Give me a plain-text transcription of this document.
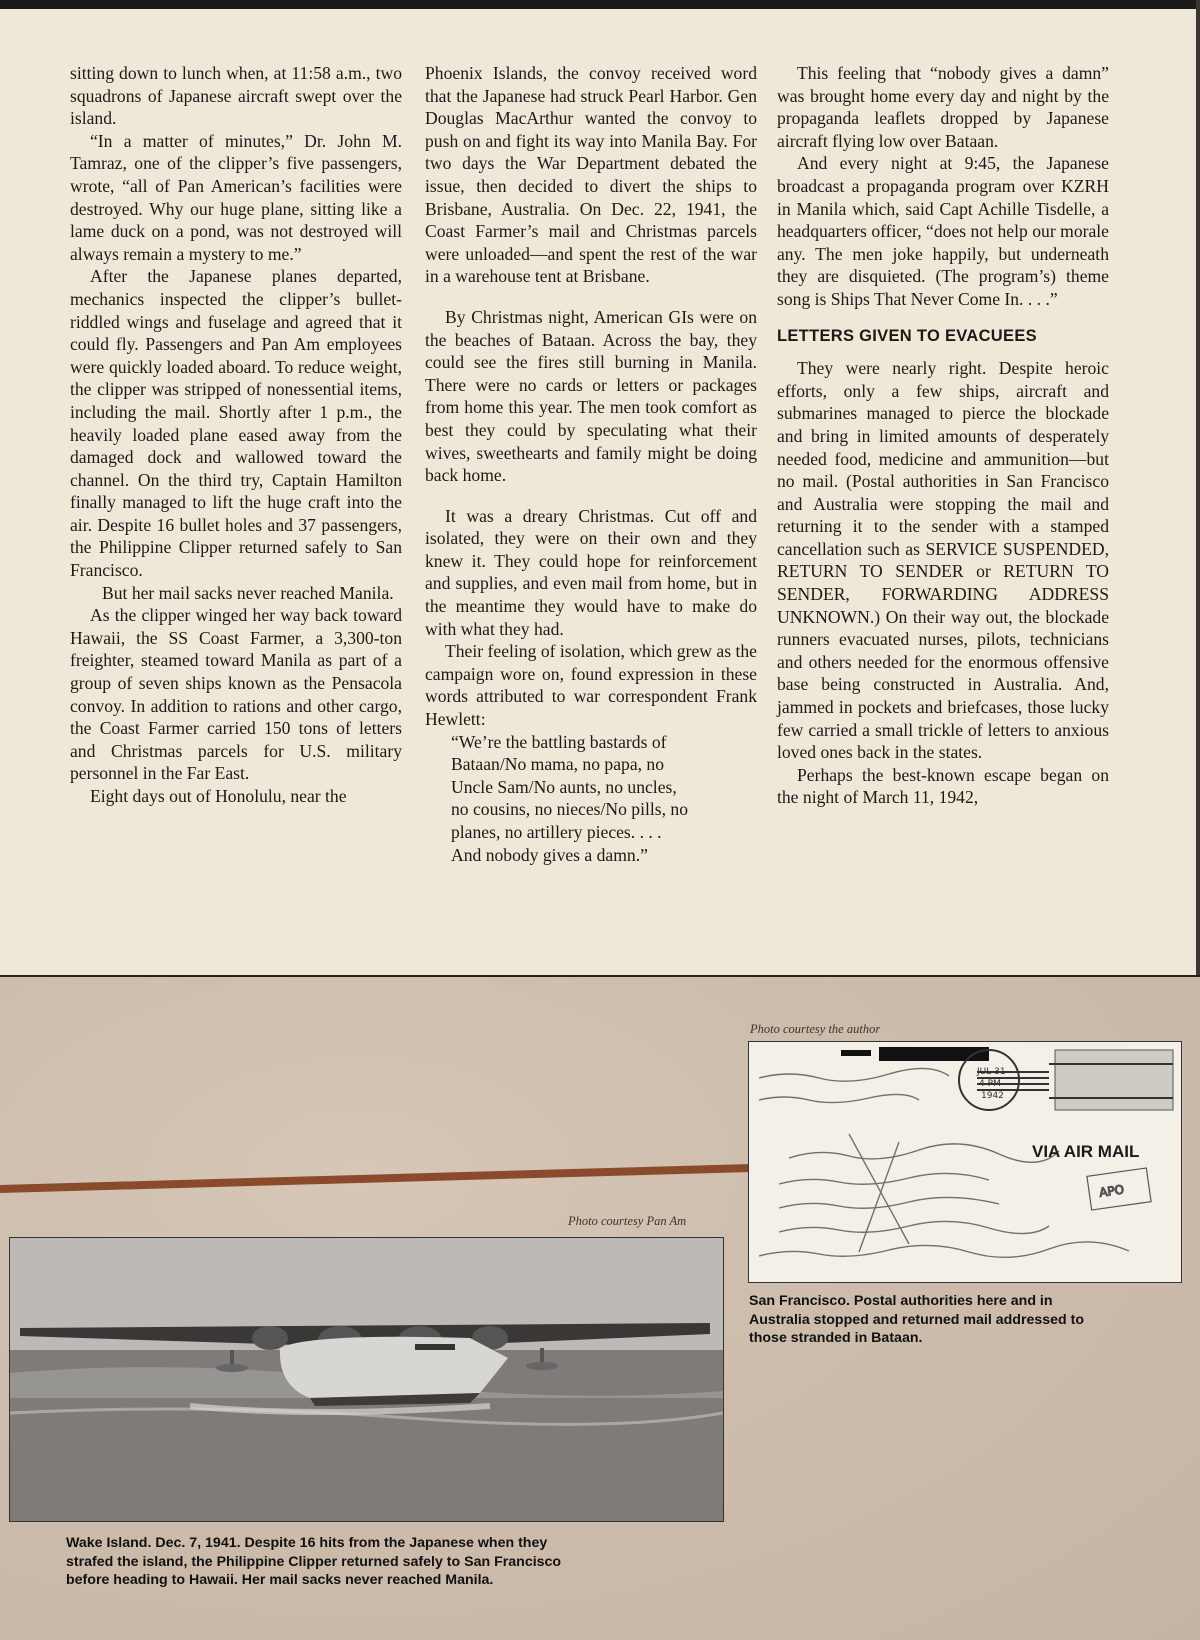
sitting down to lunch when, at 11:58 a.m., two squadrons of Japanese aircraft swept over the island.

“In a matter of minutes,” Dr. John M. Tamraz, one of the clipper’s five passengers, wrote, “all of Pan American’s facilities were destroyed. Why our huge plane, sitting like a lame duck on a pond, was not destroyed will always remain a mystery to me.”

After the Japanese planes departed, mechanics inspected the clipper’s bullet-riddled wings and fuselage and agreed that it could fly. Passengers and Pan Am employees were quickly loaded aboard. To reduce weight, the clipper was stripped of nonessential items, including the mail. Shortly after 1 p.m., the heavily loaded plane eased away from the damaged dock and wallowed toward the channel. On the third try, Captain Hamilton finally managed to lift the huge craft into the air. Despite 16 bullet holes and 37 passengers, the Philippine Clipper returned safely to San Francisco.

But her mail sacks never reached Manila.

As the clipper winged her way back toward Hawaii, the SS Coast Farmer, a 3,300-ton freighter, steamed toward Manila as part of a group of seven ships known as the Pensacola convoy. In addition to rations and other cargo, the Coast Farmer carried 150 tons of letters and Christmas parcels for U.S. military personnel in the Far East.

Eight days out of Honolulu, near the

Phoenix Islands, the convoy received word that the Japanese had struck Pearl Harbor. Gen Douglas MacArthur wanted the convoy to push on and fight its way into Manila Bay. For two days the War Department debated the issue, then decided to divert the ships to Brisbane, Australia. On Dec. 22, 1941, the Coast Farmer’s mail and Christmas parcels were unloaded—and spent the rest of the war in a warehouse tent at Brisbane.

By Christmas night, American GIs were on the beaches of Bataan. Across the bay, they could see the fires still burning in Manila. There were no cards or letters or packages from home this year. The men took comfort as best they could by speculating what their wives, sweethearts and family might be doing back home.

It was a dreary Christmas. Cut off and isolated, they were on their own and they knew it. They could hope for reinforcement and supplies, and even mail from home, but in the meantime they would have to make do with what they had.

Their feeling of isolation, which grew as the campaign wore on, found expression in these words attributed to war correspondent Frank Hewlett:

“We’re the battling bastards of

Bataan/No mama, no papa, no

Uncle Sam/No aunts, no uncles,

no cousins, no nieces/No pills, no

planes, no artillery pieces. . . .

And nobody gives a damn.”

This feeling that “nobody gives a damn” was brought home every day and night by the propaganda leaflets dropped by Japanese aircraft flying low over Bataan.

And every night at 9:45, the Japanese broadcast a propaganda program over KZRH in Manila which, said Capt Achille Tisdelle, a headquarters officer, “does not help our morale any. The men joke happily, but underneath they are disquieted. (The program’s) theme song is Ships That Never Come In. . . .”

LETTERS GIVEN TO EVACUEES

They were nearly right. Despite heroic efforts, only a few ships, aircraft and submarines managed to pierce the blockade and bring in limited amounts of desperately needed food, medicine and ammunition—but no mail. (Postal authorities in San Francisco and Australia were stopping the mail and returning it to the sender with a stamped cancellation such as SERVICE SUSPENDED, RETURN TO SENDER or RETURN TO SENDER, FORWARDING ADDRESS UNKNOWN.) On their way out, the blockade runners evacuated nurses, pilots, technicians and others needed for the enormous offensive base being constructed in Australia. And, jammed in pockets and briefcases, those lucky few carried a small trickle of letters to anxious loved ones back in the states.

Perhaps the best-known escape began on the night of March 11, 1942,

Photo courtesy the author
JUL 31
4 PM
1942
APO
VIA AIR MAIL
San Francisco. Postal authorities here and in Australia stopped and returned mail addressed to those stranded in Bataan.
Photo courtesy Pan Am
Wake Island. Dec. 7, 1941. Despite 16 hits from the Japanese when they strafed the island, the Philippine Clipper returned safely to San Francisco before heading to Hawaii. Her mail sacks never reached Manila.
